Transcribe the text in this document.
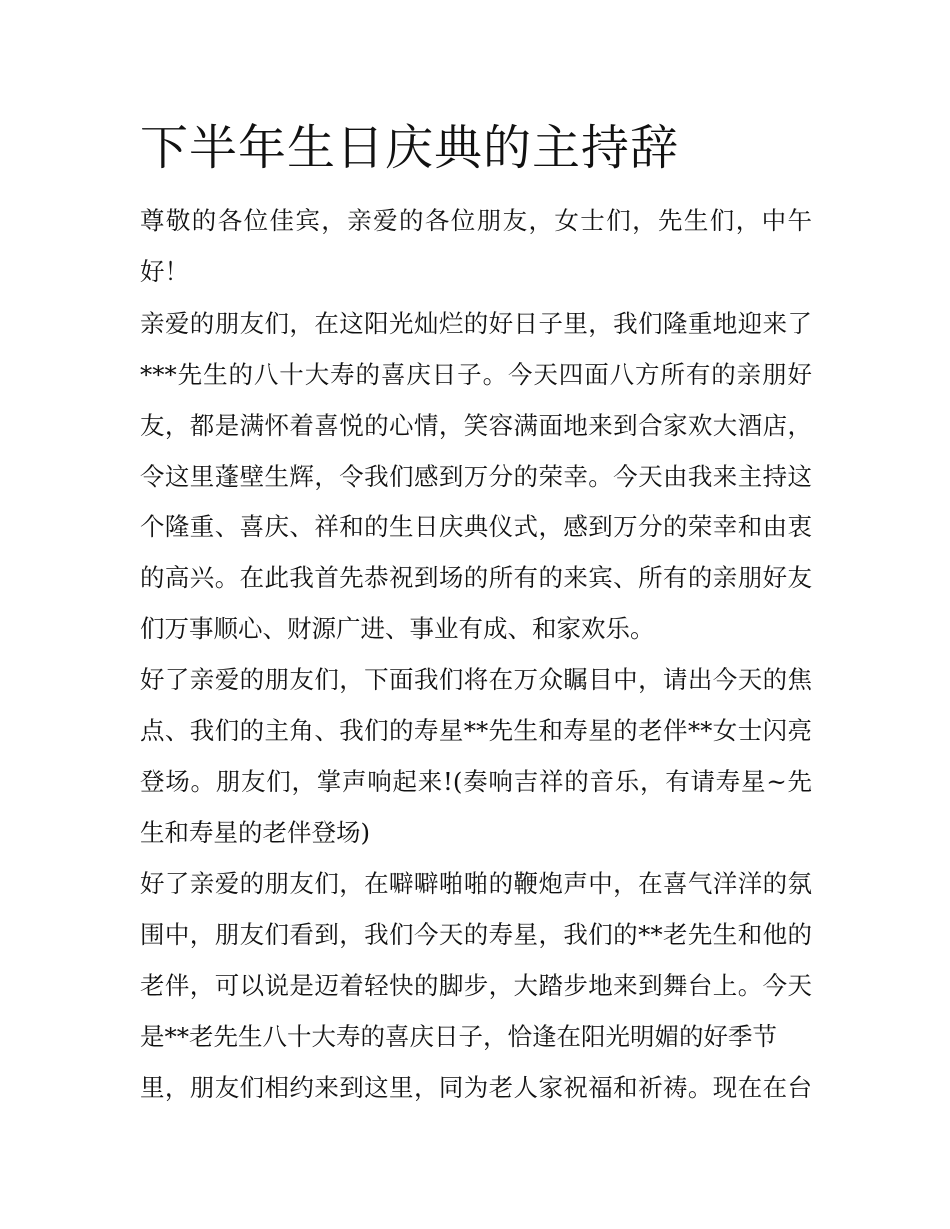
下半年生日庆典的主持辞

尊敬的各位佳宾，亲爱的各位朋友，女士们，先生们，中午

好！

亲爱的朋友们，在这阳光灿烂的好日子里，我们隆重地迎来了

***先生的八十大寿的喜庆日子。今天四面八方所有的亲朋好

友，都是满怀着喜悦的心情，笑容满面地来到合家欢大酒店，

令这里蓬壁生辉，令我们感到万分的荣幸。今天由我来主持这

个隆重、喜庆、祥和的生日庆典仪式，感到万分的荣幸和由衷

的高兴。在此我首先恭祝到场的所有的来宾、所有的亲朋好友

们万事顺心、财源广进、事业有成、和家欢乐。

好了亲爱的朋友们，下面我们将在万众瞩目中，请出今天的焦

点、我们的主角、我们的寿星**先生和寿星的老伴**女士闪亮

登场。朋友们，掌声响起来!(奏响吉祥的音乐，有请寿星~先

生和寿星的老伴登场)

好了亲爱的朋友们，在噼噼啪啪的鞭炮声中，在喜气洋洋的氛

围中，朋友们看到，我们今天的寿星，我们的**老先生和他的

老伴，可以说是迈着轻快的脚步，大踏步地来到舞台上。今天

是**老先生八十大寿的喜庆日子，恰逢在阳光明媚的好季节

里，朋友们相约来到这里，同为老人家祝福和祈祷。现在在台
